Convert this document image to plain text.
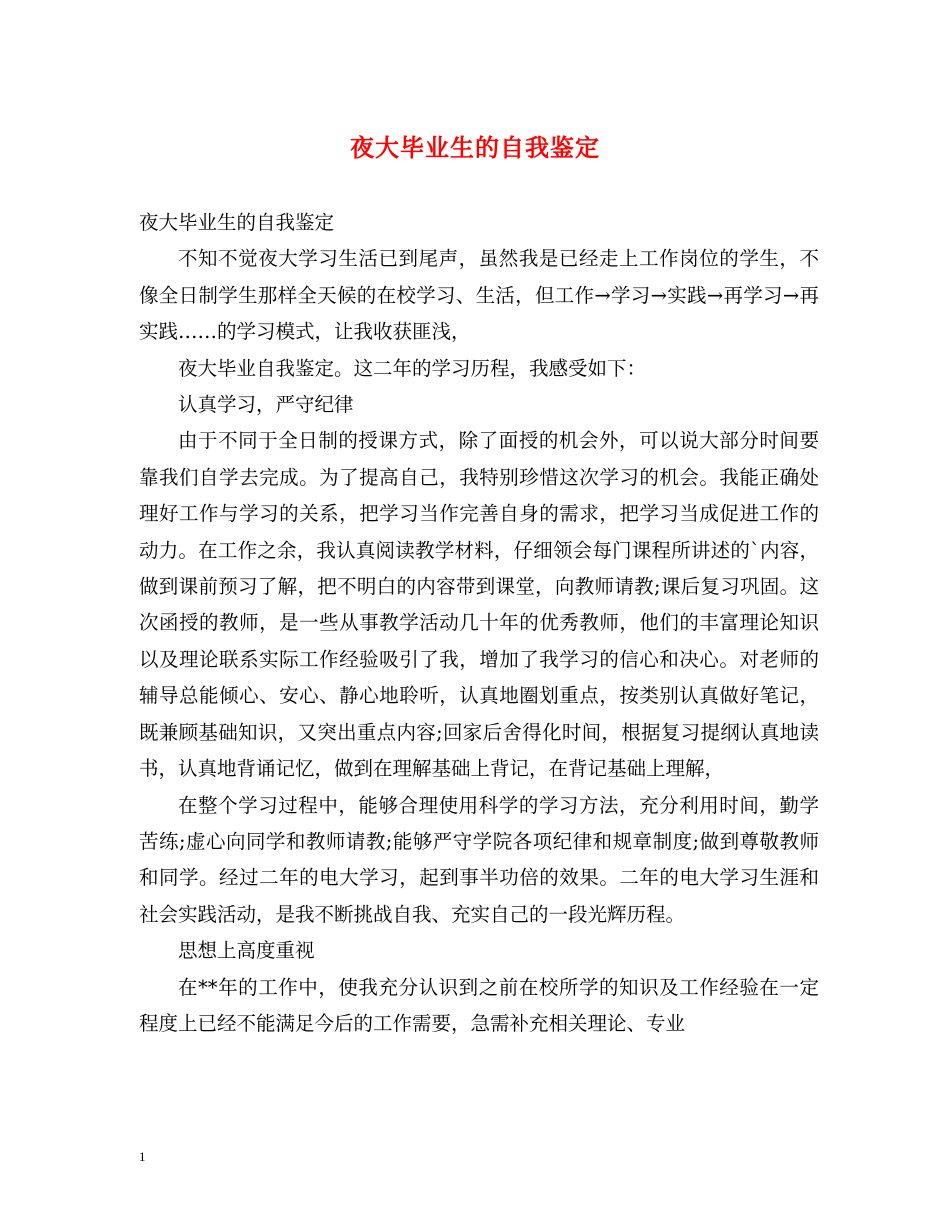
夜大毕业生的自我鉴定

夜大毕业生的自我鉴定

不知不觉夜大学习生活已到尾声，虽然我是已经走上工作岗位的学生，不像全日制学生那样全天候的在校学习、生活，但工作→学习→实践→再学习→再实践……的学习模式，让我收获匪浅，

夜大毕业自我鉴定。这二年的学习历程，我感受如下：

认真学习，严守纪律

由于不同于全日制的授课方式，除了面授的机会外，可以说大部分时间要靠我们自学去完成。为了提高自己，我特别珍惜这次学习的机会。我能正确处理好工作与学习的关系，把学习当作完善自身的需求，把学习当成促进工作的动力。在工作之余，我认真阅读教学材料，仔细领会每门课程所讲述的`内容，做到课前预习了解，把不明白的内容带到课堂，向教师请教;课后复习巩固。这次函授的教师，是一些从事教学活动几十年的优秀教师，他们的丰富理论知识以及理论联系实际工作经验吸引了我，增加了我学习的信心和决心。对老师的辅导总能倾心、安心、静心地聆听，认真地圈划重点，按类别认真做好笔记，既兼顾基础知识，又突出重点内容;回家后舍得化时间，根据复习提纲认真地读书，认真地背诵记忆，做到在理解基础上背记，在背记基础上理解，

在整个学习过程中，能够合理使用科学的学习方法，充分利用时间，勤学苦练;虚心向同学和教师请教;能够严守学院各项纪律和规章制度;做到尊敬教师和同学。经过二年的电大学习，起到事半功倍的效果。二年的电大学习生涯和社会实践活动，是我不断挑战自我、充实自己的一段光辉历程。

思想上高度重视

在**年的工作中，使我充分认识到之前在校所学的知识及工作经验在一定程度上已经不能满足今后的工作需要，急需补充相关理论、专业

1
